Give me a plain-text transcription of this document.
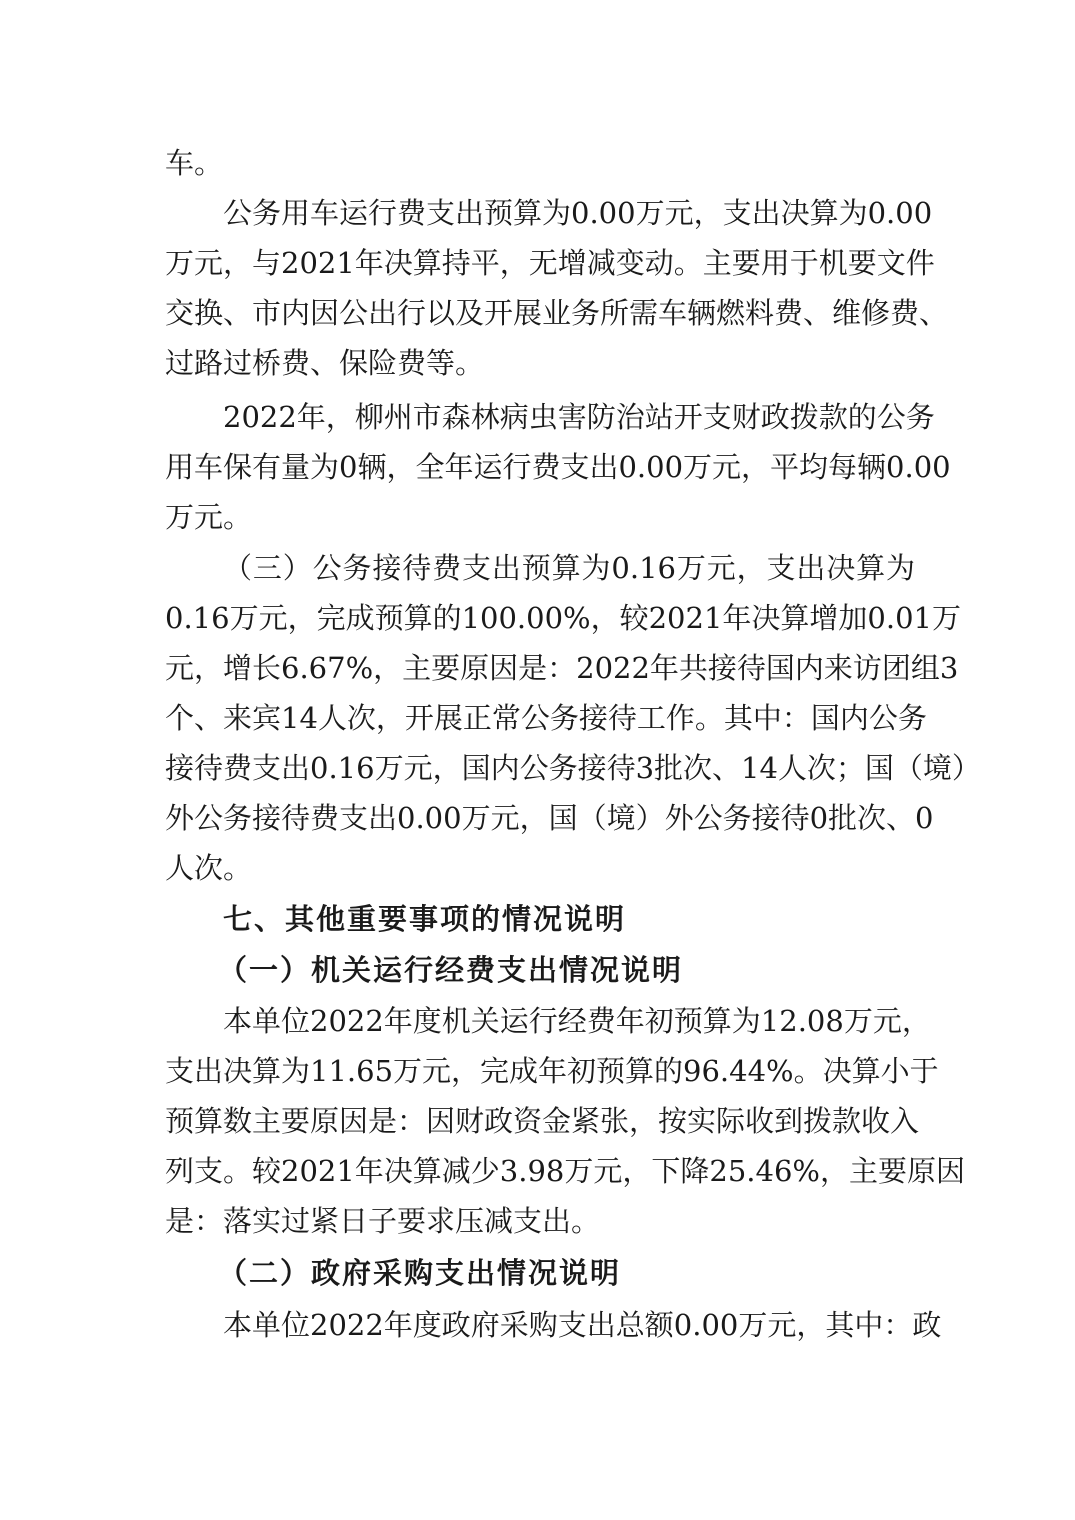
车。
公务用车运行费支出预算为0.00万元，支出决算为0.00
万元，与2021年决算持平，无增减变动。主要用于机要文件
交换、市内因公出行以及开展业务所需车辆燃料费、维修费、
过路过桥费、保险费等。
2022年，柳州市森林病虫害防治站开支财政拨款的公务
用车保有量为0辆，全年运行费支出0.00万元，平均每辆0.00
万元。
（三）公务接待费支出预算为0.16万元，支出决算为
0.16万元，完成预算的100.00%，较2021年决算增加0.01万
元，增长6.67%，主要原因是：2022年共接待国内来访团组3
个、来宾14人次，开展正常公务接待工作。其中：国内公务
接待费支出0.16万元，国内公务接待3批次、14人次；国（境）
外公务接待费支出0.00万元，国（境）外公务接待0批次、0
人次。
七、其他重要事项的情况说明
（一）机关运行经费支出情况说明
本单位2022年度机关运行经费年初预算为12.08万元，
支出决算为11.65万元，完成年初预算的96.44%。决算小于
预算数主要原因是：因财政资金紧张，按实际收到拨款收入
列支。较2021年决算减少3.98万元，下降25.46%，主要原因
是：落实过紧日子要求压减支出。
（二）政府采购支出情况说明
本单位2022年度政府采购支出总额0.00万元，其中：政
